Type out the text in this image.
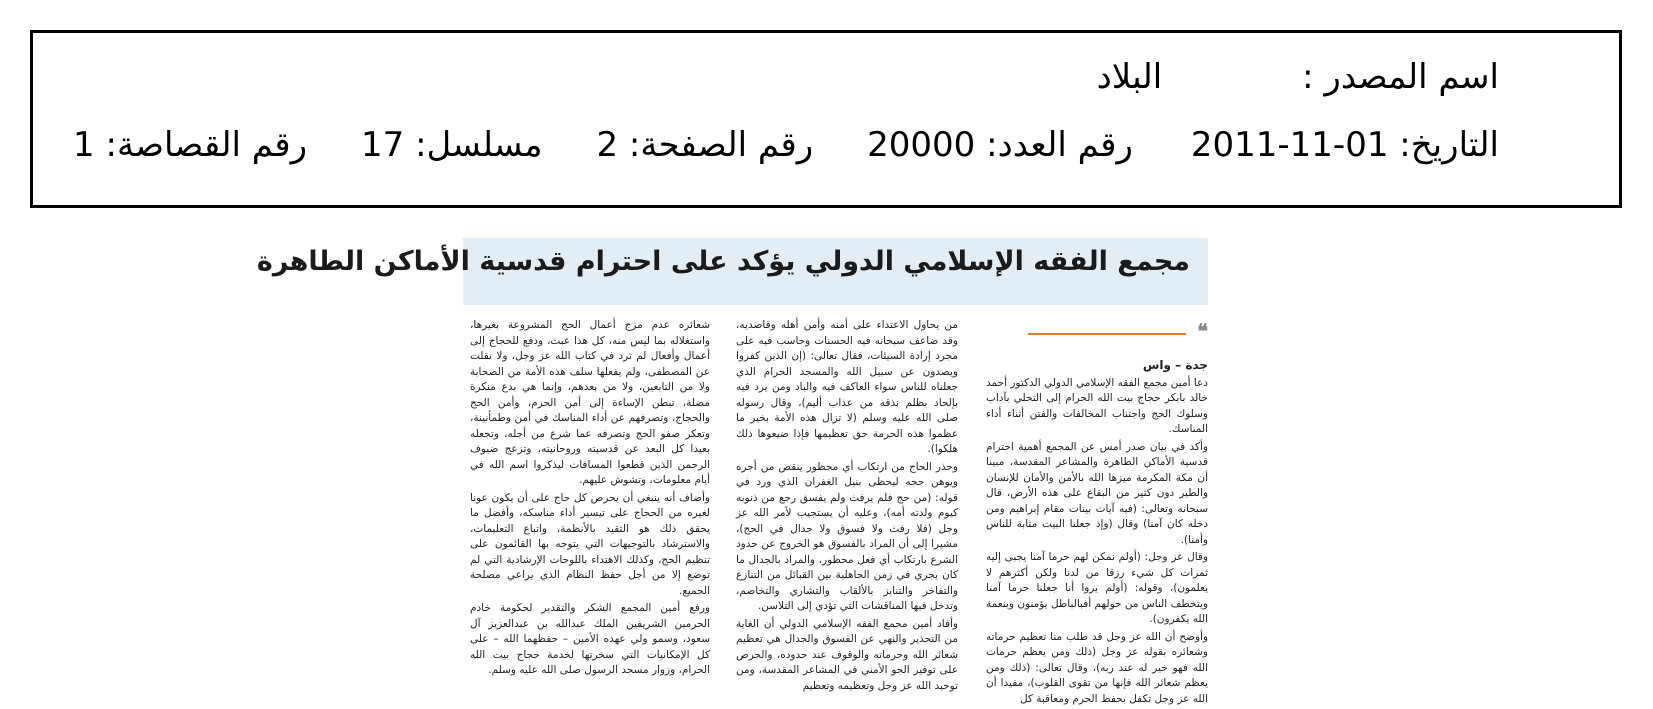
اسم المصدر :البلاد
التاريخ: 2011-11-01رقم العدد: 20000رقم الصفحة: 2مسلسل: 17رقم القصاصة: 1
مجمع الفقه الإسلامي الدولي يؤكد على احترام قدسية الأماكن الطاهرة
❝
جدة – واس

دعا أمين مجمع الفقه الإسلامي الدولي الدكتور أحمد خالد بابكر حجاج بيت الله الحرام إلى التحلي بآداب وسلوك الحج واجتناب المخالفات والفتن أثناء أداء المناسك.

وأكد في بيان صدر أمس عن المجمع أهمية احترام قدسية الأماكن الطاهرة والمشاعر المقدسة، مبينا أن مكة المكرمة ميزها الله بالأمن والأمان للإنسان والطير دون كثير من البقاع على هذه الأرض، قال سبحانه وتعالى: (فيه آيات بينات مقام إبراهيم ومن دخله كان آمنا) وقال (وإذ جعلنا البيت مثابة للناس وأمنا).

وقال عز وجل: (أولم نمكن لهم حرما آمنا يجبى إليه ثمرات كل شيء رزقا من لدنا ولكن أكثرهم لا يعلمون)، وقوله: (أولم يروا أنا جعلنا حرما آمنا ويتخطف الناس من حولهم أفبالباطل يؤمنون وبنعمة الله يكفرون).

وأوضح أن الله عز وجل قد طلب منا تعظيم حرماته وشعائره بقوله عز وجل (ذلك ومن يعظم حرمات الله فهو خير له عند ربه)، وقال تعالى: (ذلك ومن يعظم شعائر الله فإنها من تقوى القلوب)، مفيدا أن الله عز وجل تكفل بحفظ الحرم ومعاقبة كل

من يحاول الاعتداء على أمنه وأمن أهله وقاصديه، وقد ضاعف سبحانه فيه الحسنات وحاسب فيه على مجرد إرادة السيئات، فقال تعالى: (إن الذين كفروا ويصدون عن سبيل الله والمسجد الحرام الذي جعلناه للناس سواء العاكف فيه والباد ومن يرد فيه بإلحاد بظلم نذقه من عذاب أليم)، وقال رسوله صلى الله عليه وسلم (لا تزال هذه الأمة بخير ما عظموا هذه الحرمة حق تعظيمها فإذا ضيعوها ذلك هلكوا).

وحذر الحاج من ارتكاب أي محظور ينقص من أجره ويوهن حجه ليحظى بنيل الغفران الذي ورد في قوله: (من حج فلم يرفث ولم يفسق رجع من ذنوبه كيوم ولدته أمه)، وعليه أن يستجيب لأمر الله عز وجل (فلا رفث ولا فسوق ولا جدال في الحج)، مشيرا إلى أن المراد بالفسوق هو الخروج عن حدود الشرع بارتكاب أي فعل محظور، والمراد بالجدال ما كان يجري في زمن الجاهلية بين القبائل من التنازع والتفاخر والتنابز بالألقاب والتشاري والتخاصم، وتدخل فيها المناقشات التي تؤدي إلى التلاسن.

وأفاد أمين مجمع الفقه الإسلامي الدولي أن الغاية من التحذير والنهي عن الفسوق والجدال هي تعظيم شعائر الله وحرماته والوقوف عند حدوده، والحرص على توفير الجو الأمني في المشاعر المقدسة، ومن توحيد الله عز وجل وتعظيمه وتعظيم

شعائره عدم مزج أعمال الحج المشروعة بغيرها، واستغلاله بما ليس منه، كل هذا عبث، ودفع للحجاج إلى أعمال وأفعال لم ترد في كتاب الله عز وجل، ولا نقلت عن المصطفى، ولم يفعلها سلف هذه الأمة من الصحابة ولا من التابعين، ولا من بعدهم، وإنما هي بدع منكرة مضلة، تبطن الإساءة إلى أمن الحرم، وأمن الحج والحجاج، وتصرفهم عن أداء المناسك في أمن وطمأنينة، وتعكر صفو الحج وتصرفه عما شرع من أجله، وتجعله بعيدا كل البعد عن قدسيته وروحانيته، وتزعج ضيوف الرحمن الذين قطعوا المسافات ليذكروا اسم الله في أيام معلومات، وتشوش عليهم.

وأضاف أنه ينبغي أن يحرص كل حاج على أن يكون عونا لغيره من الحجاج على تيسير أداء مناسكه، وأفضل ما يحقق ذلك هو التقيد بالأنظمة، واتباع التعليمات، والاسترشاد بالتوجيهات التي يتوجه بها القائمون على تنظيم الحج، وكذلك الاهتداء باللوحات الإرشادية التي لم توضع إلا من أجل حفظ النظام الذي يراعي مصلحة الجميع.

ورفع أمين المجمع الشكر والتقدير لحكومة خادم الحرمين الشريفين الملك عبدالله بن عبدالعزيز آل سعود، وسمو ولي عهده الأمين – حفظهما الله – على كل الإمكانيات التي سخرتها لخدمة حجاج بيت الله الحرام، وزوار مسجد الرسول صلى الله عليه وسلم.
